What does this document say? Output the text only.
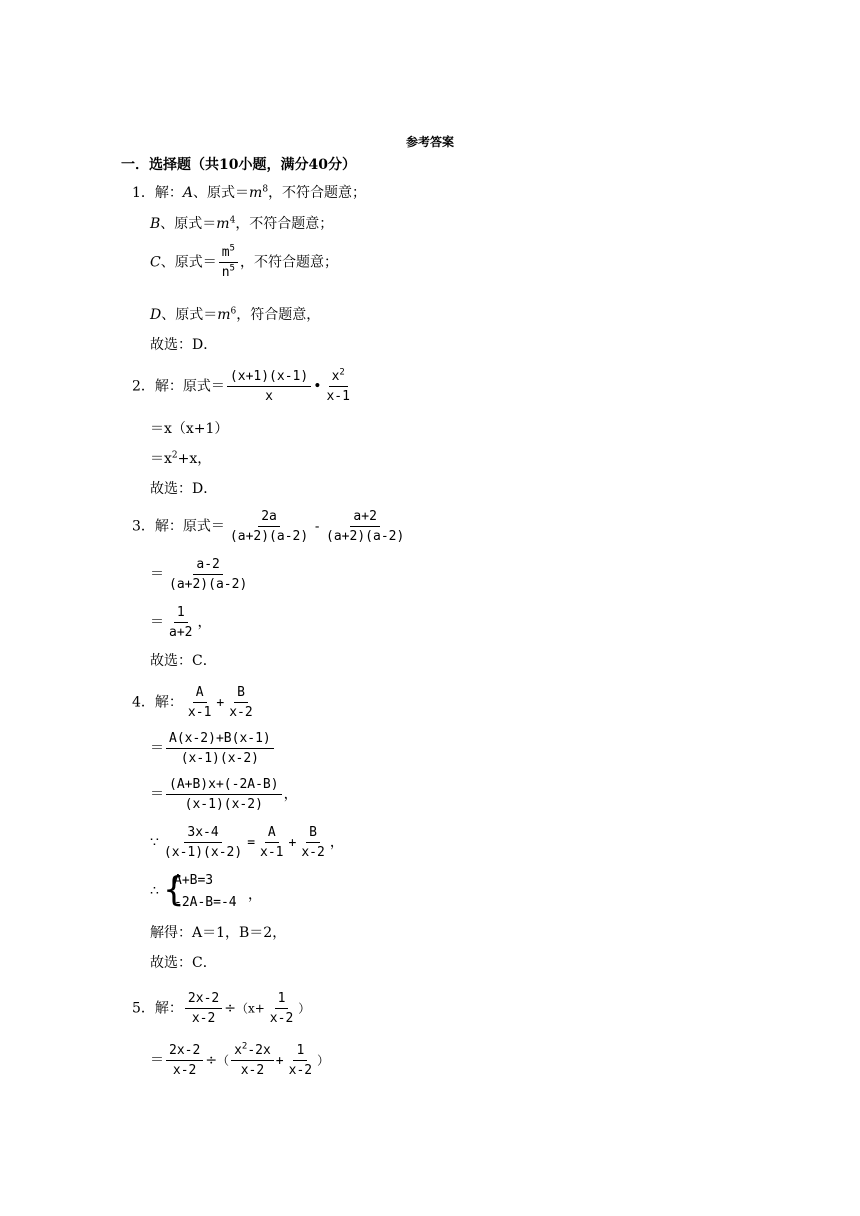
参考答案
一．选择题（共10小题，满分40分）
1．解：A、原式$=m^8$，不符合题意；
B、原式$=m^4$，不符合题意；
C、原式＝ $\frac{m^5}{n^5}$ ，不符合题意；
D、原式$=m^6$，符合题意，
故选：D．
2．解：原式＝ $\frac{(x+1)(x-1)}{x}$ • $\frac{x^2}{x-1}$
＝x（x+1）
$=x^2+x$，
故选：D．
3．解：原式＝ $\frac{2a}{(a+2)(a-2)} - \frac{a+2}{(a+2)(a-2)}$
＝ $\frac{a-2}{(a+2)(a-2)}$
＝ $\frac{1}{a+2}$ ，
故选：C．
4．解： $\frac{A}{x-1} + \frac{B}{x-2}$
＝ $\frac{A(x-2)+B(x-1)}{(x-1)(x-2)}$
＝ $\frac{(A+B)x+(-2A-B)}{(x-1)(x-2)}$ ，
∵ $\frac{3x-4}{(x-1)(x-2)} = \frac{A}{x-1} + \frac{B}{x-2}$ ，
∴ {
A+B=3
-2A-B=-4 ，
解得：A＝1，B＝2，
故选：C．
5．解： $\frac{2x-2}{x-2} \div(x+ \frac{1}{x-2}$ ）
＝ $\frac{2x-2}{x-2}$ ÷（ $\frac{x^2-2x}{x-2} + \frac{1}{x-2}$ ）
